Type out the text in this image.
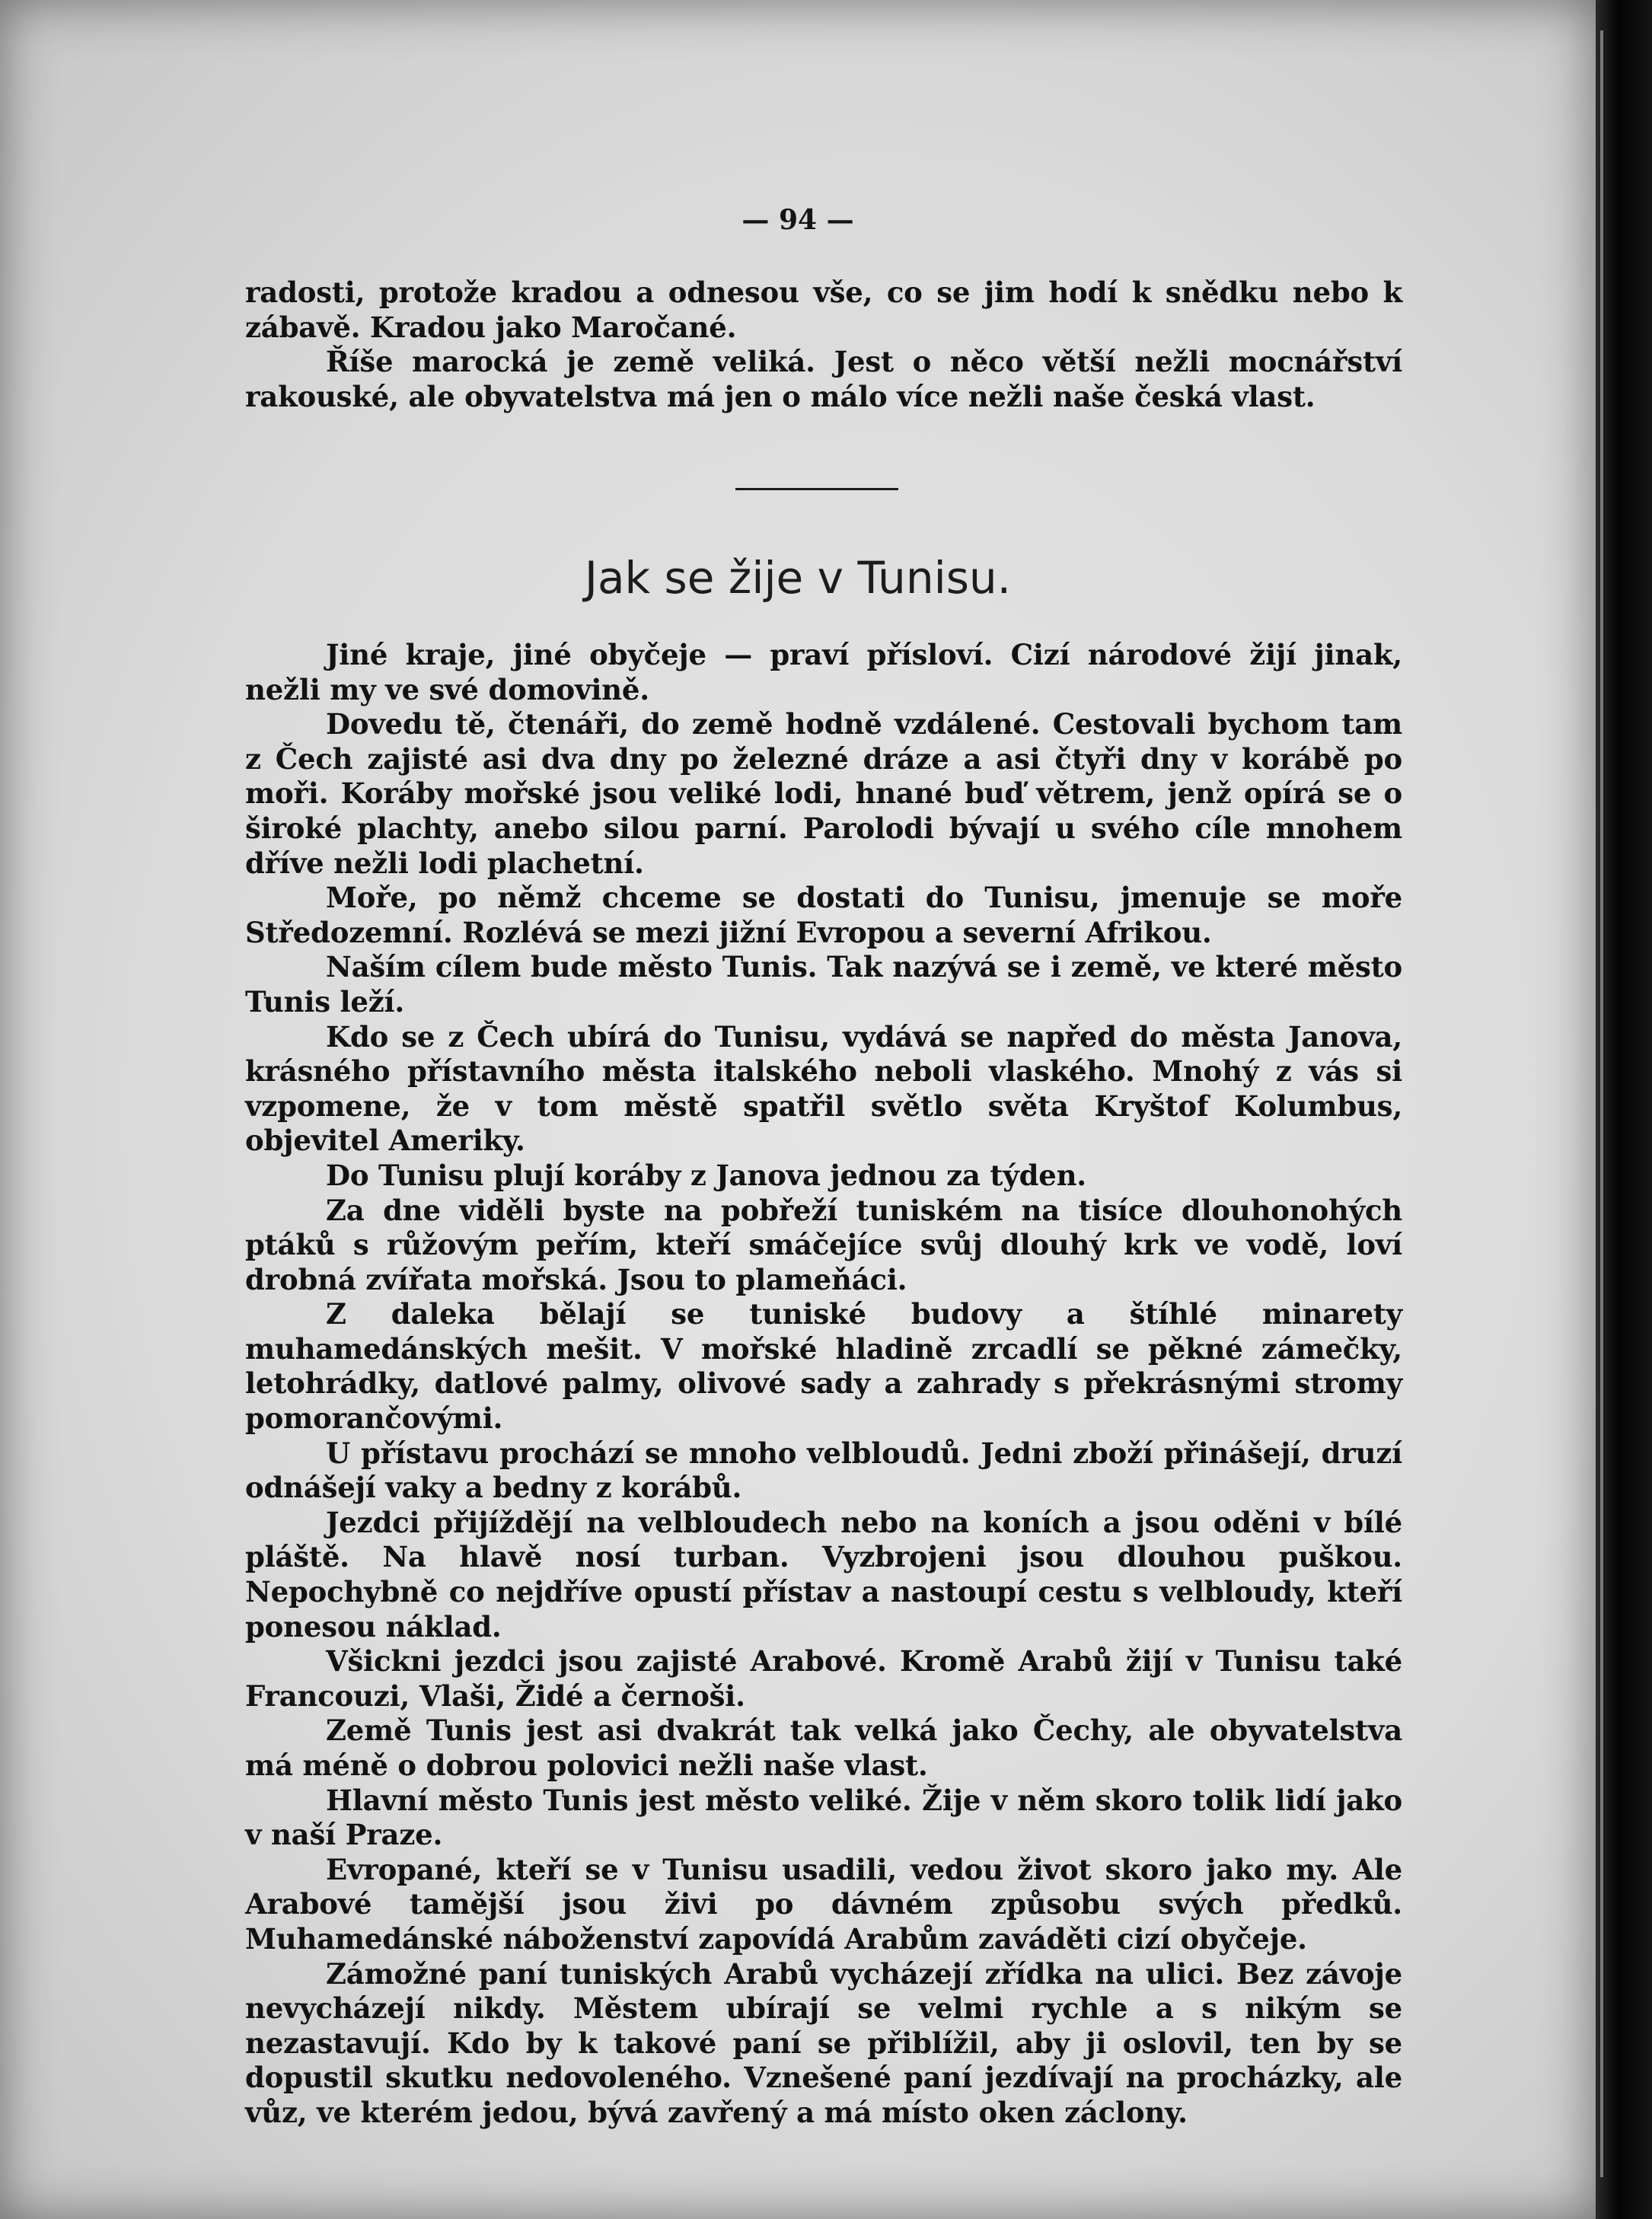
— 94 —

radosti, protože kradou a odnesou vše, co se jim hodí k snědku nebo k zábavě. Kradou jako Maročané.

Říše marocká je země veliká. Jest o něco větší nežli mocnářství rakouské, ale obyvatelstva má jen o málo více nežli naše česká vlast.

Jak se žije v Tunisu.

Jiné kraje, jiné obyčeje — praví přísloví. Cizí národové žijí jinak, nežli my ve své domovině.

Dovedu tě, čtenáři, do země hodně vzdálené. Cestovali bychom tam z Čech zajisté asi dva dny po železné dráze a asi čtyři dny v korábě po moři. Koráby mořské jsou veliké lodi, hnané buď větrem, jenž opírá se o široké plachty, anebo silou parní. Parolodi bývají u svého cíle mnohem dříve nežli lodi plachetní.

Moře, po němž chceme se dostati do Tunisu, jmenuje se moře Středozemní. Rozlévá se mezi jižní Evropou a severní Afrikou.

Naším cílem bude město Tunis. Tak nazývá se i země, ve které město Tunis leží.

Kdo se z Čech ubírá do Tunisu, vydává se napřed do města Janova, krásného přístavního města italského neboli vlaského. Mnohý z vás si vzpomene, že v tom městě spatřil světlo světa Kryštof Kolumbus, objevitel Ameriky.

Do Tunisu plují koráby z Janova jednou za týden.

Za dne viděli byste na pobřeží tuniském na tisíce dlouhonohých ptáků s růžovým peřím, kteří smáčejíce svůj dlouhý krk ve vodě, loví drobná zvířata mořská. Jsou to plameňáci.

Z daleka bělají se tuniské budovy a štíhlé minarety muhamedánských mešit. V mořské hladině zrcadlí se pěkné zámečky, letohrádky, datlové palmy, olivové sady a zahrady s překrásnými stromy pomorančovými.

U přístavu prochází se mnoho velbloudů. Jedni zboží přinášejí, druzí odnášejí vaky a bedny z korábů.

Jezdci přijíždějí na velbloudech nebo na koních a jsou oděni v bílé pláště. Na hlavě nosí turban. Vyzbrojeni jsou dlouhou puškou. Nepochybně co nejdříve opustí přístav a nastoupí cestu s velbloudy, kteří ponesou náklad.

Všickni jezdci jsou zajisté Arabové. Kromě Arabů žijí v Tunisu také Francouzi, Vlaši, Židé a černoši.

Země Tunis jest asi dvakrát tak velká jako Čechy, ale obyvatelstva má méně o dobrou polovici nežli naše vlast.

Hlavní město Tunis jest město veliké. Žije v něm skoro tolik lidí jako v naší Praze.

Evropané, kteří se v Tunisu usadili, vedou život skoro jako my. Ale Arabové tamější jsou živi po dávném způsobu svých předků. Muhamedánské náboženství zapovídá Arabům zaváděti cizí obyčeje.

Zámožné paní tuniských Arabů vycházejí zřídka na ulici. Bez závoje nevycházejí nikdy. Městem ubírají se velmi rychle a s nikým se nezastavují. Kdo by k takové paní se přiblížil, aby ji oslovil, ten by se dopustil skutku nedovoleného. Vznešené paní jezdívají na procházky, ale vůz, ve kterém jedou, bývá zavřený a má místo oken záclony.
